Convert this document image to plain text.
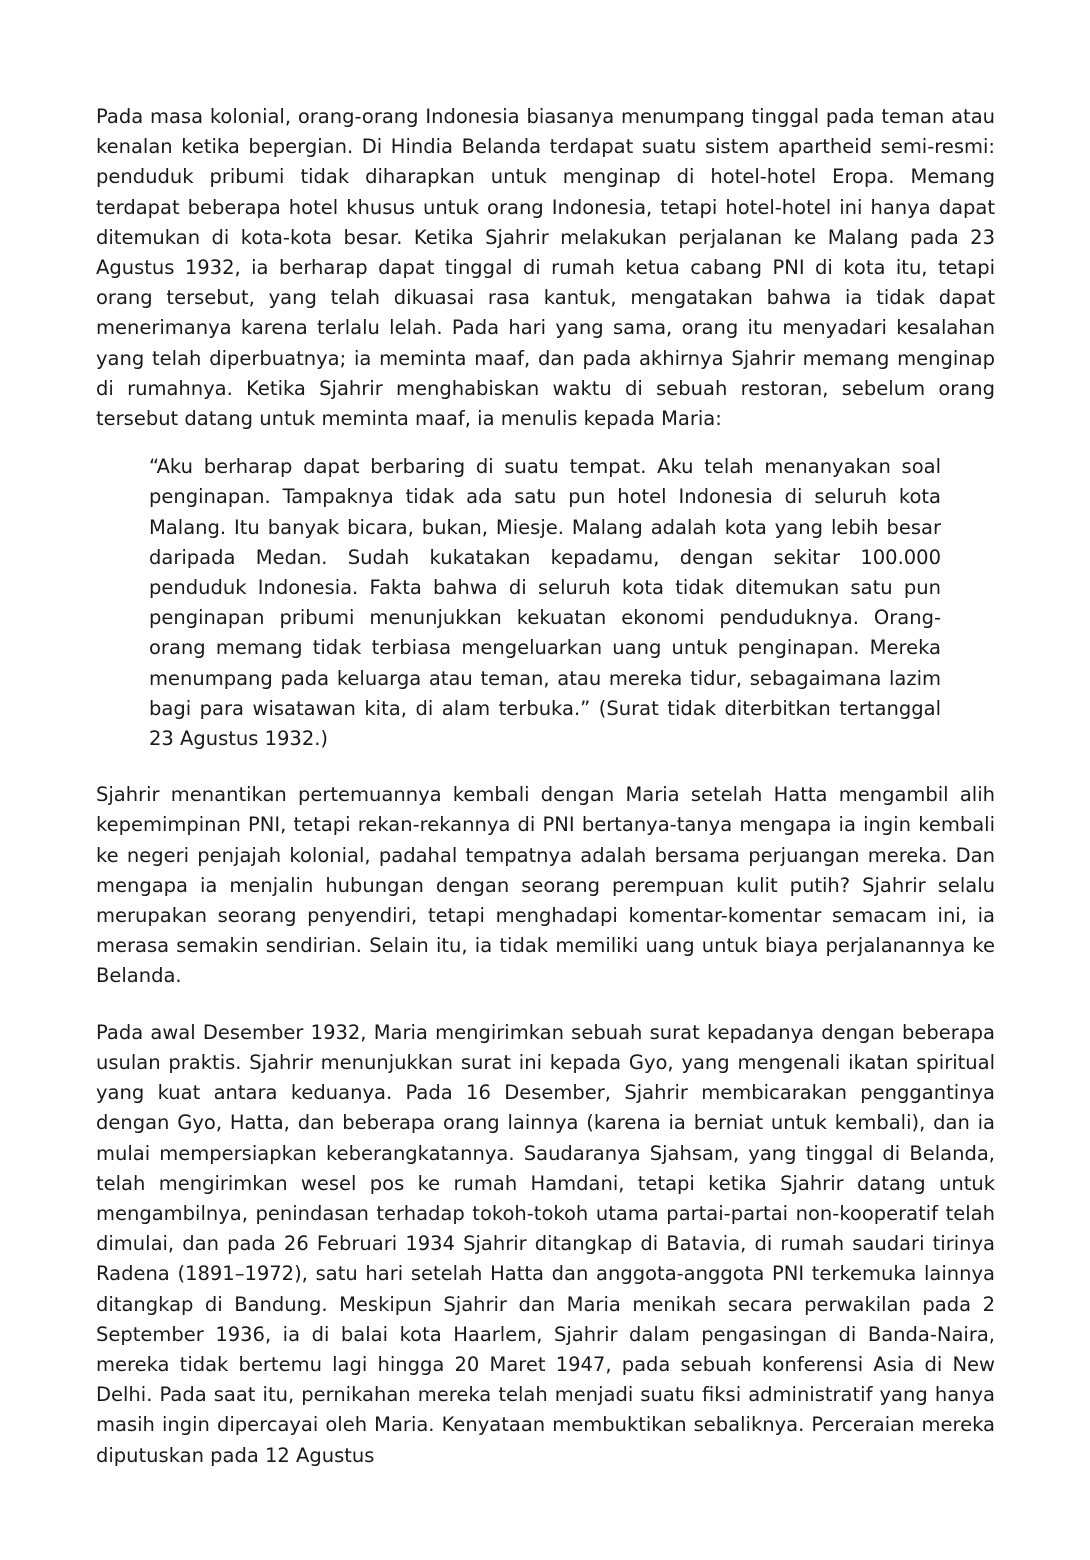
Pada masa kolonial, orang-orang Indonesia biasanya menumpang tinggal pada teman atau kenalan ketika bepergian. Di Hindia Belanda terdapat suatu sistem apartheid semi-resmi: penduduk pribumi tidak diharapkan untuk menginap di hotel-hotel Eropa. Memang terdapat beberapa hotel khusus untuk orang Indonesia, tetapi hotel-hotel ini hanya dapat ditemukan di kota-kota besar. Ketika Sjahrir melakukan perjalanan ke Malang pada 23 Agustus 1932, ia berharap dapat tinggal di rumah ketua cabang PNI di kota itu, tetapi orang tersebut, yang telah dikuasai rasa kantuk, mengatakan bahwa ia tidak dapat menerimanya karena terlalu lelah. Pada hari yang sama, orang itu menyadari kesalahan yang telah diperbuatnya; ia meminta maaf, dan pada akhirnya Sjahrir memang menginap di rumahnya. Ketika Sjahrir menghabiskan waktu di sebuah restoran, sebelum orang tersebut datang untuk meminta maaf, ia menulis kepada Maria:

“Aku berharap dapat berbaring di suatu tempat. Aku telah menanyakan soal penginapan. Tampaknya tidak ada satu pun hotel Indonesia di seluruh kota Malang. Itu banyak bicara, bukan, Miesje. Malang adalah kota yang lebih besar daripada Medan. Sudah kukatakan kepadamu, dengan sekitar 100.000 penduduk Indonesia. Fakta bahwa di seluruh kota tidak ditemukan satu pun penginapan pribumi menunjukkan kekuatan ekonomi penduduknya. Orang-orang memang tidak terbiasa mengeluarkan uang untuk penginapan. Mereka menumpang pada keluarga atau teman, atau mereka tidur, sebagaimana lazim bagi para wisatawan kita, di alam terbuka.” (Surat tidak diterbitkan tertanggal 23 Agustus 1932.)

Sjahrir menantikan pertemuannya kembali dengan Maria setelah Hatta mengambil alih kepemimpinan PNI, tetapi rekan-rekannya di PNI bertanya-tanya mengapa ia ingin kembali ke negeri penjajah kolonial, padahal tempatnya adalah bersama perjuangan mereka. Dan mengapa ia menjalin hubungan dengan seorang perempuan kulit putih? Sjahrir selalu merupakan seorang penyendiri, tetapi menghadapi komentar-komentar semacam ini, ia merasa semakin sendirian. Selain itu, ia tidak memiliki uang untuk biaya perjalanannya ke Belanda.

Pada awal Desember 1932, Maria mengirimkan sebuah surat kepadanya dengan beberapa usulan praktis. Sjahrir menunjukkan surat ini kepada Gyo, yang mengenali ikatan spiritual yang kuat antara keduanya. Pada 16 Desember, Sjahrir membicarakan penggantinya dengan Gyo, Hatta, dan beberapa orang lainnya (karena ia berniat untuk kembali), dan ia mulai mempersiapkan keberangkatannya. Saudaranya Sjahsam, yang tinggal di Belanda, telah mengirimkan wesel pos ke rumah Hamdani, tetapi ketika Sjahrir datang untuk mengambilnya, penindasan terhadap tokoh-tokoh utama partai-partai non-kooperatif telah dimulai, dan pada 26 Februari 1934 Sjahrir ditangkap di Batavia, di rumah saudari tirinya Radena (1891–1972), satu hari setelah Hatta dan anggota-anggota PNI terkemuka lainnya ditangkap di Bandung. Meskipun Sjahrir dan Maria menikah secara perwakilan pada 2 September 1936, ia di balai kota Haarlem, Sjahrir dalam pengasingan di Banda-Naira, mereka tidak bertemu lagi hingga 20 Maret 1947, pada sebuah konferensi Asia di New Delhi. Pada saat itu, pernikahan mereka telah menjadi suatu fiksi administratif yang hanya masih ingin dipercayai oleh Maria. Kenyataan membuktikan sebaliknya. Perceraian mereka diputuskan pada 12 Agustus
